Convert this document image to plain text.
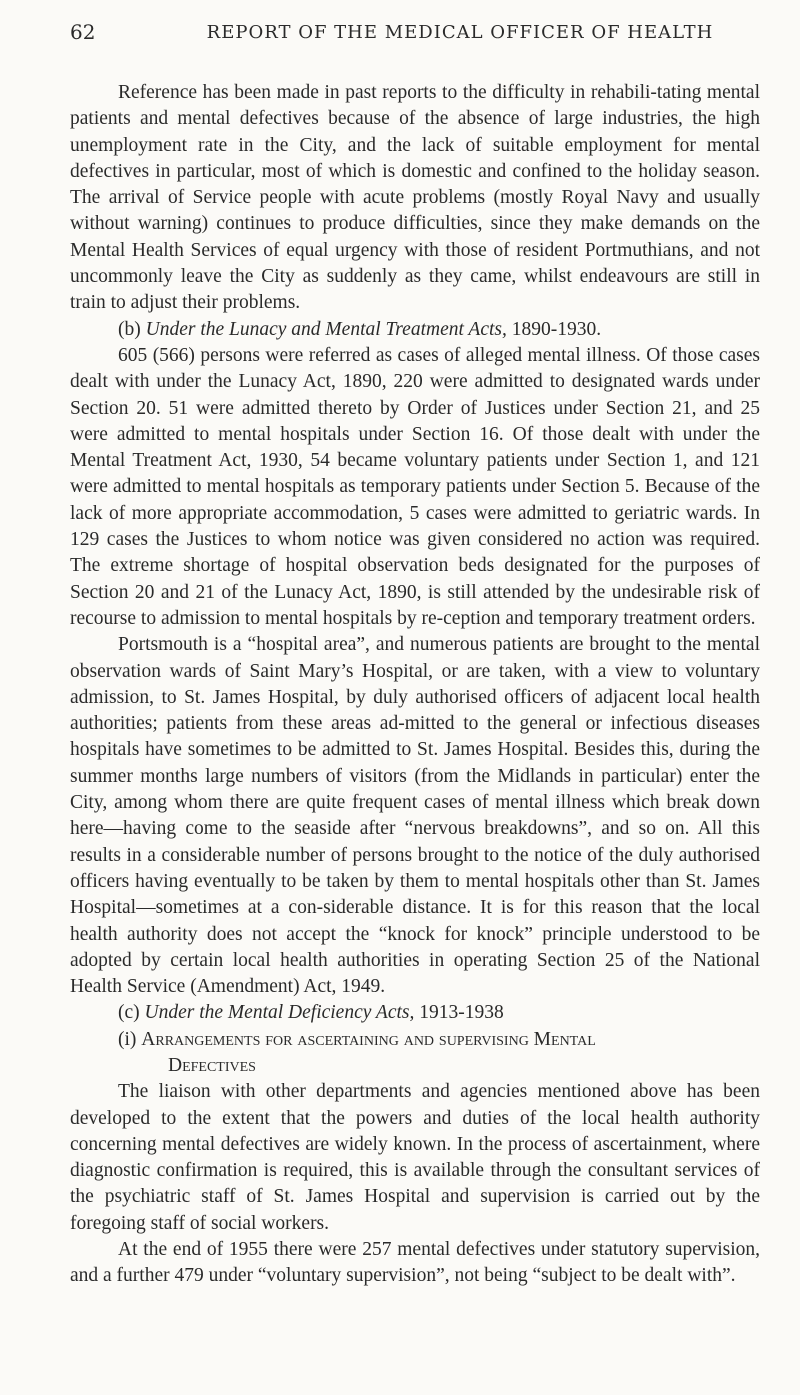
62	REPORT OF THE MEDICAL OFFICER OF HEALTH

Reference has been made in past reports to the difficulty in rehabili-tating mental patients and mental defectives because of the absence of large industries, the high unemployment rate in the City, and the lack of suitable employment for mental defectives in particular, most of which is domestic and confined to the holiday season. The arrival of Service people with acute problems (mostly Royal Navy and usually without warning) continues to produce difficulties, since they make demands on the Mental Health Services of equal urgency with those of resident Portmuthians, and not uncommonly leave the City as suddenly as they came, whilst endeavours are still in train to adjust their problems.

(b) Under the Lunacy and Mental Treatment Acts, 1890-1930.

605 (566) persons were referred as cases of alleged mental illness. Of those cases dealt with under the Lunacy Act, 1890, 220 were admitted to designated wards under Section 20. 51 were admitted thereto by Order of Justices under Section 21, and 25 were admitted to mental hospitals under Section 16. Of those dealt with under the Mental Treatment Act, 1930, 54 became voluntary patients under Section 1, and 121 were admitted to mental hospitals as temporary patients under Section 5. Because of the lack of more appropriate accommodation, 5 cases were admitted to geriatric wards. In 129 cases the Justices to whom notice was given considered no action was required. The extreme shortage of hospital observation beds designated for the purposes of Section 20 and 21 of the Lunacy Act, 1890, is still attended by the undesirable risk of recourse to admission to mental hospitals by re-ception and temporary treatment orders.

Portsmouth is a “hospital area”, and numerous patients are brought to the mental observation wards of Saint Mary’s Hospital, or are taken, with a view to voluntary admission, to St. James Hospital, by duly authorised officers of adjacent local health authorities; patients from these areas ad-mitted to the general or infectious diseases hospitals have sometimes to be admitted to St. James Hospital. Besides this, during the summer months large numbers of visitors (from the Midlands in particular) enter the City, among whom there are quite frequent cases of mental illness which break down here—having come to the seaside after “nervous breakdowns”, and so on. All this results in a considerable number of persons brought to the notice of the duly authorised officers having eventually to be taken by them to mental hospitals other than St. James Hospital—sometimes at a con-siderable distance. It is for this reason that the local health authority does not accept the “knock for knock” principle understood to be adopted by certain local health authorities in operating Section 25 of the National Health Service (Amendment) Act, 1949.

(c) Under the Mental Deficiency Acts, 1913-1938

(i) Arrangements for ascertaining and supervising Mental
Defectives

The liaison with other departments and agencies mentioned above has been developed to the extent that the powers and duties of the local health authority concerning mental defectives are widely known. In the process of ascertainment, where diagnostic confirmation is required, this is available through the consultant services of the psychiatric staff of St. James Hospital and supervision is carried out by the foregoing staff of social workers.

At the end of 1955 there were 257 mental defectives under statutory supervision, and a further 479 under “voluntary supervision”, not being “subject to be dealt with”.
